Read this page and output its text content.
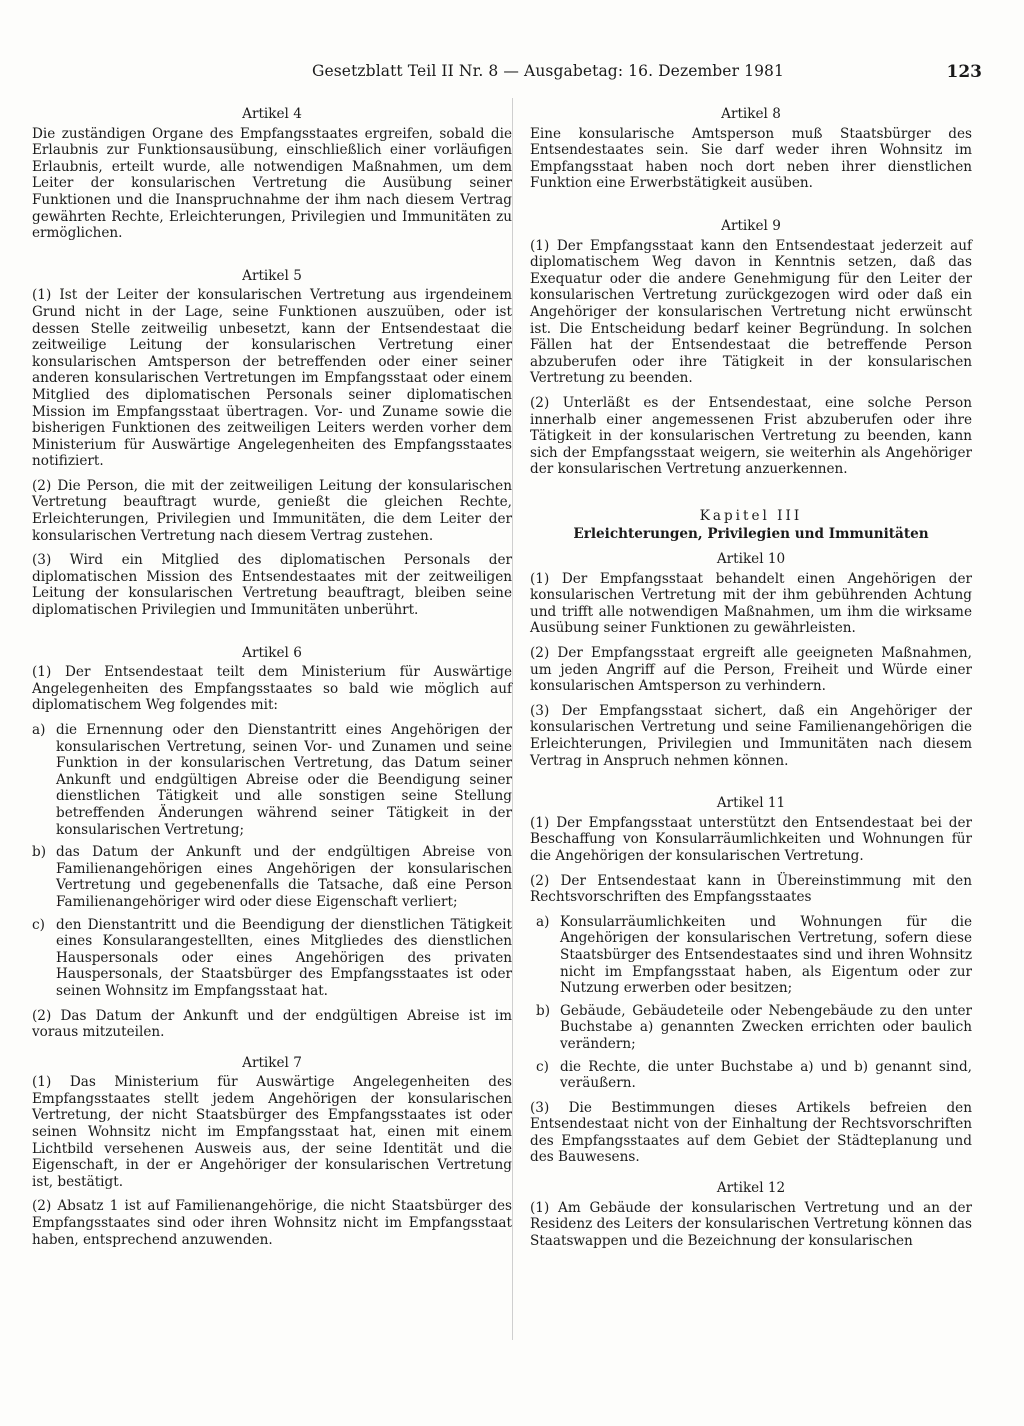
Gesetzblatt Teil II Nr. 8 — Ausgabetag: 16. Dezember 1981	123
Artikel 4

Die zuständigen Organe des Empfangsstaates ergreifen, sobald die Erlaubnis zur Funktionsausübung, einschließlich einer vorläufigen Erlaubnis, erteilt wurde, alle notwendigen Maßnahmen, um dem Leiter der konsularischen Vertretung die Ausübung seiner Funktionen und die Inanspruchnahme der ihm nach diesem Vertrag gewährten Rechte, Erleichterungen, Privilegien und Immunitäten zu ermöglichen.

Artikel 5

(1) Ist der Leiter der konsularischen Vertretung aus irgendeinem Grund nicht in der Lage, seine Funktionen auszuüben, oder ist dessen Stelle zeitweilig unbesetzt, kann der Entsendestaat die zeitweilige Leitung der konsularischen Vertretung einer konsularischen Amtsperson der betreffenden oder einer seiner anderen konsularischen Vertretungen im Empfangsstaat oder einem Mitglied des diplomatischen Personals seiner diplomatischen Mission im Empfangsstaat übertragen. Vor- und Zuname sowie die bisherigen Funktionen des zeitweiligen Leiters werden vorher dem Ministerium für Auswärtige Angelegenheiten des Empfangsstaates notifiziert.

(2) Die Person, die mit der zeitweiligen Leitung der konsularischen Vertretung beauftragt wurde, genießt die gleichen Rechte, Erleichterungen, Privilegien und Immunitäten, die dem Leiter der konsularischen Vertretung nach diesem Vertrag zustehen.

(3) Wird ein Mitglied des diplomatischen Personals der diplomatischen Mission des Entsendestaates mit der zeitweiligen Leitung der konsularischen Vertretung beauftragt, bleiben seine diplomatischen Privilegien und Immunitäten unberührt.

Artikel 6

(1) Der Entsendestaat teilt dem Ministerium für Auswärtige Angelegenheiten des Empfangsstaates so bald wie möglich auf diplomatischem Weg folgendes mit:

a) die Ernennung oder den Dienstantritt eines Angehörigen der konsularischen Vertretung, seinen Vor- und Zunamen und seine Funktion in der konsularischen Vertretung, das Datum seiner Ankunft und endgültigen Abreise oder die Beendigung seiner dienstlichen Tätigkeit und alle sonstigen seine Stellung betreffenden Änderungen während seiner Tätigkeit in der konsularischen Vertretung;
b) das Datum der Ankunft und der endgültigen Abreise von Familienangehörigen eines Angehörigen der konsularischen Vertretung und gegebenenfalls die Tatsache, daß eine Person Familienangehöriger wird oder diese Eigenschaft verliert;
c) den Dienstantritt und die Beendigung der dienstlichen Tätigkeit eines Konsularangestellten, eines Mitgliedes des dienstlichen Hauspersonals oder eines Angehörigen des privaten Hauspersonals, der Staatsbürger des Empfangsstaates ist oder seinen Wohnsitz im Empfangsstaat hat.

(2) Das Datum der Ankunft und der endgültigen Abreise ist im voraus mitzuteilen.

Artikel 7

(1) Das Ministerium für Auswärtige Angelegenheiten des Empfangsstaates stellt jedem Angehörigen der konsularischen Vertretung, der nicht Staatsbürger des Empfangsstaates ist oder seinen Wohnsitz nicht im Empfangsstaat hat, einen mit einem Lichtbild versehenen Ausweis aus, der seine Identität und die Eigenschaft, in der er Angehöriger der konsularischen Vertretung ist, bestätigt.

(2) Absatz 1 ist auf Familienangehörige, die nicht Staatsbürger des Empfangsstaates sind oder ihren Wohnsitz nicht im Empfangsstaat haben, entsprechend anzuwenden.

Artikel 8

Eine konsularische Amtsperson muß Staatsbürger des Entsendestaates sein. Sie darf weder ihren Wohnsitz im Empfangsstaat haben noch dort neben ihrer dienstlichen Funktion eine Erwerbstätigkeit ausüben.

Artikel 9

(1) Der Empfangsstaat kann den Entsendestaat jederzeit auf diplomatischem Weg davon in Kenntnis setzen, daß das Exequatur oder die andere Genehmigung für den Leiter der konsularischen Vertretung zurückgezogen wird oder daß ein Angehöriger der konsularischen Vertretung nicht erwünscht ist. Die Entscheidung bedarf keiner Begründung. In solchen Fällen hat der Entsendestaat die betreffende Person abzuberufen oder ihre Tätigkeit in der konsularischen Vertretung zu beenden.

(2) Unterläßt es der Entsendestaat, eine solche Person innerhalb einer angemessenen Frist abzuberufen oder ihre Tätigkeit in der konsularischen Vertretung zu beenden, kann sich der Empfangsstaat weigern, sie weiterhin als Angehöriger der konsularischen Vertretung anzuerkennen.

Kapitel III
Erleichterungen, Privilegien und Immunitäten
Artikel 10

(1) Der Empfangsstaat behandelt einen Angehörigen der konsularischen Vertretung mit der ihm gebührenden Achtung und trifft alle notwendigen Maßnahmen, um ihm die wirksame Ausübung seiner Funktionen zu gewährleisten.

(2) Der Empfangsstaat ergreift alle geeigneten Maßnahmen, um jeden Angriff auf die Person, Freiheit und Würde einer konsularischen Amtsperson zu verhindern.

(3) Der Empfangsstaat sichert, daß ein Angehöriger der konsularischen Vertretung und seine Familienangehörigen die Erleichterungen, Privilegien und Immunitäten nach diesem Vertrag in Anspruch nehmen können.

Artikel 11

(1) Der Empfangsstaat unterstützt den Entsendestaat bei der Beschaffung von Konsularräumlichkeiten und Wohnungen für die Angehörigen der konsularischen Vertretung.

(2) Der Entsendestaat kann in Übereinstimmung mit den Rechtsvorschriften des Empfangsstaates

a) Konsularräumlichkeiten und Wohnungen für die Angehörigen der konsularischen Vertretung, sofern diese Staatsbürger des Entsendestaates sind und ihren Wohnsitz nicht im Empfangsstaat haben, als Eigentum oder zur Nutzung erwerben oder besitzen;
b) Gebäude, Gebäudeteile oder Nebengebäude zu den unter Buchstabe a) genannten Zwecken errichten oder baulich verändern;
c) die Rechte, die unter Buchstabe a) und b) genannt sind, veräußern.

(3) Die Bestimmungen dieses Artikels befreien den Entsendestaat nicht von der Einhaltung der Rechtsvorschriften des Empfangsstaates auf dem Gebiet der Städteplanung und des Bauwesens.

Artikel 12

(1) Am Gebäude der konsularischen Vertretung und an der Residenz des Leiters der konsularischen Vertretung können das Staatswappen und die Bezeichnung der konsularischen
